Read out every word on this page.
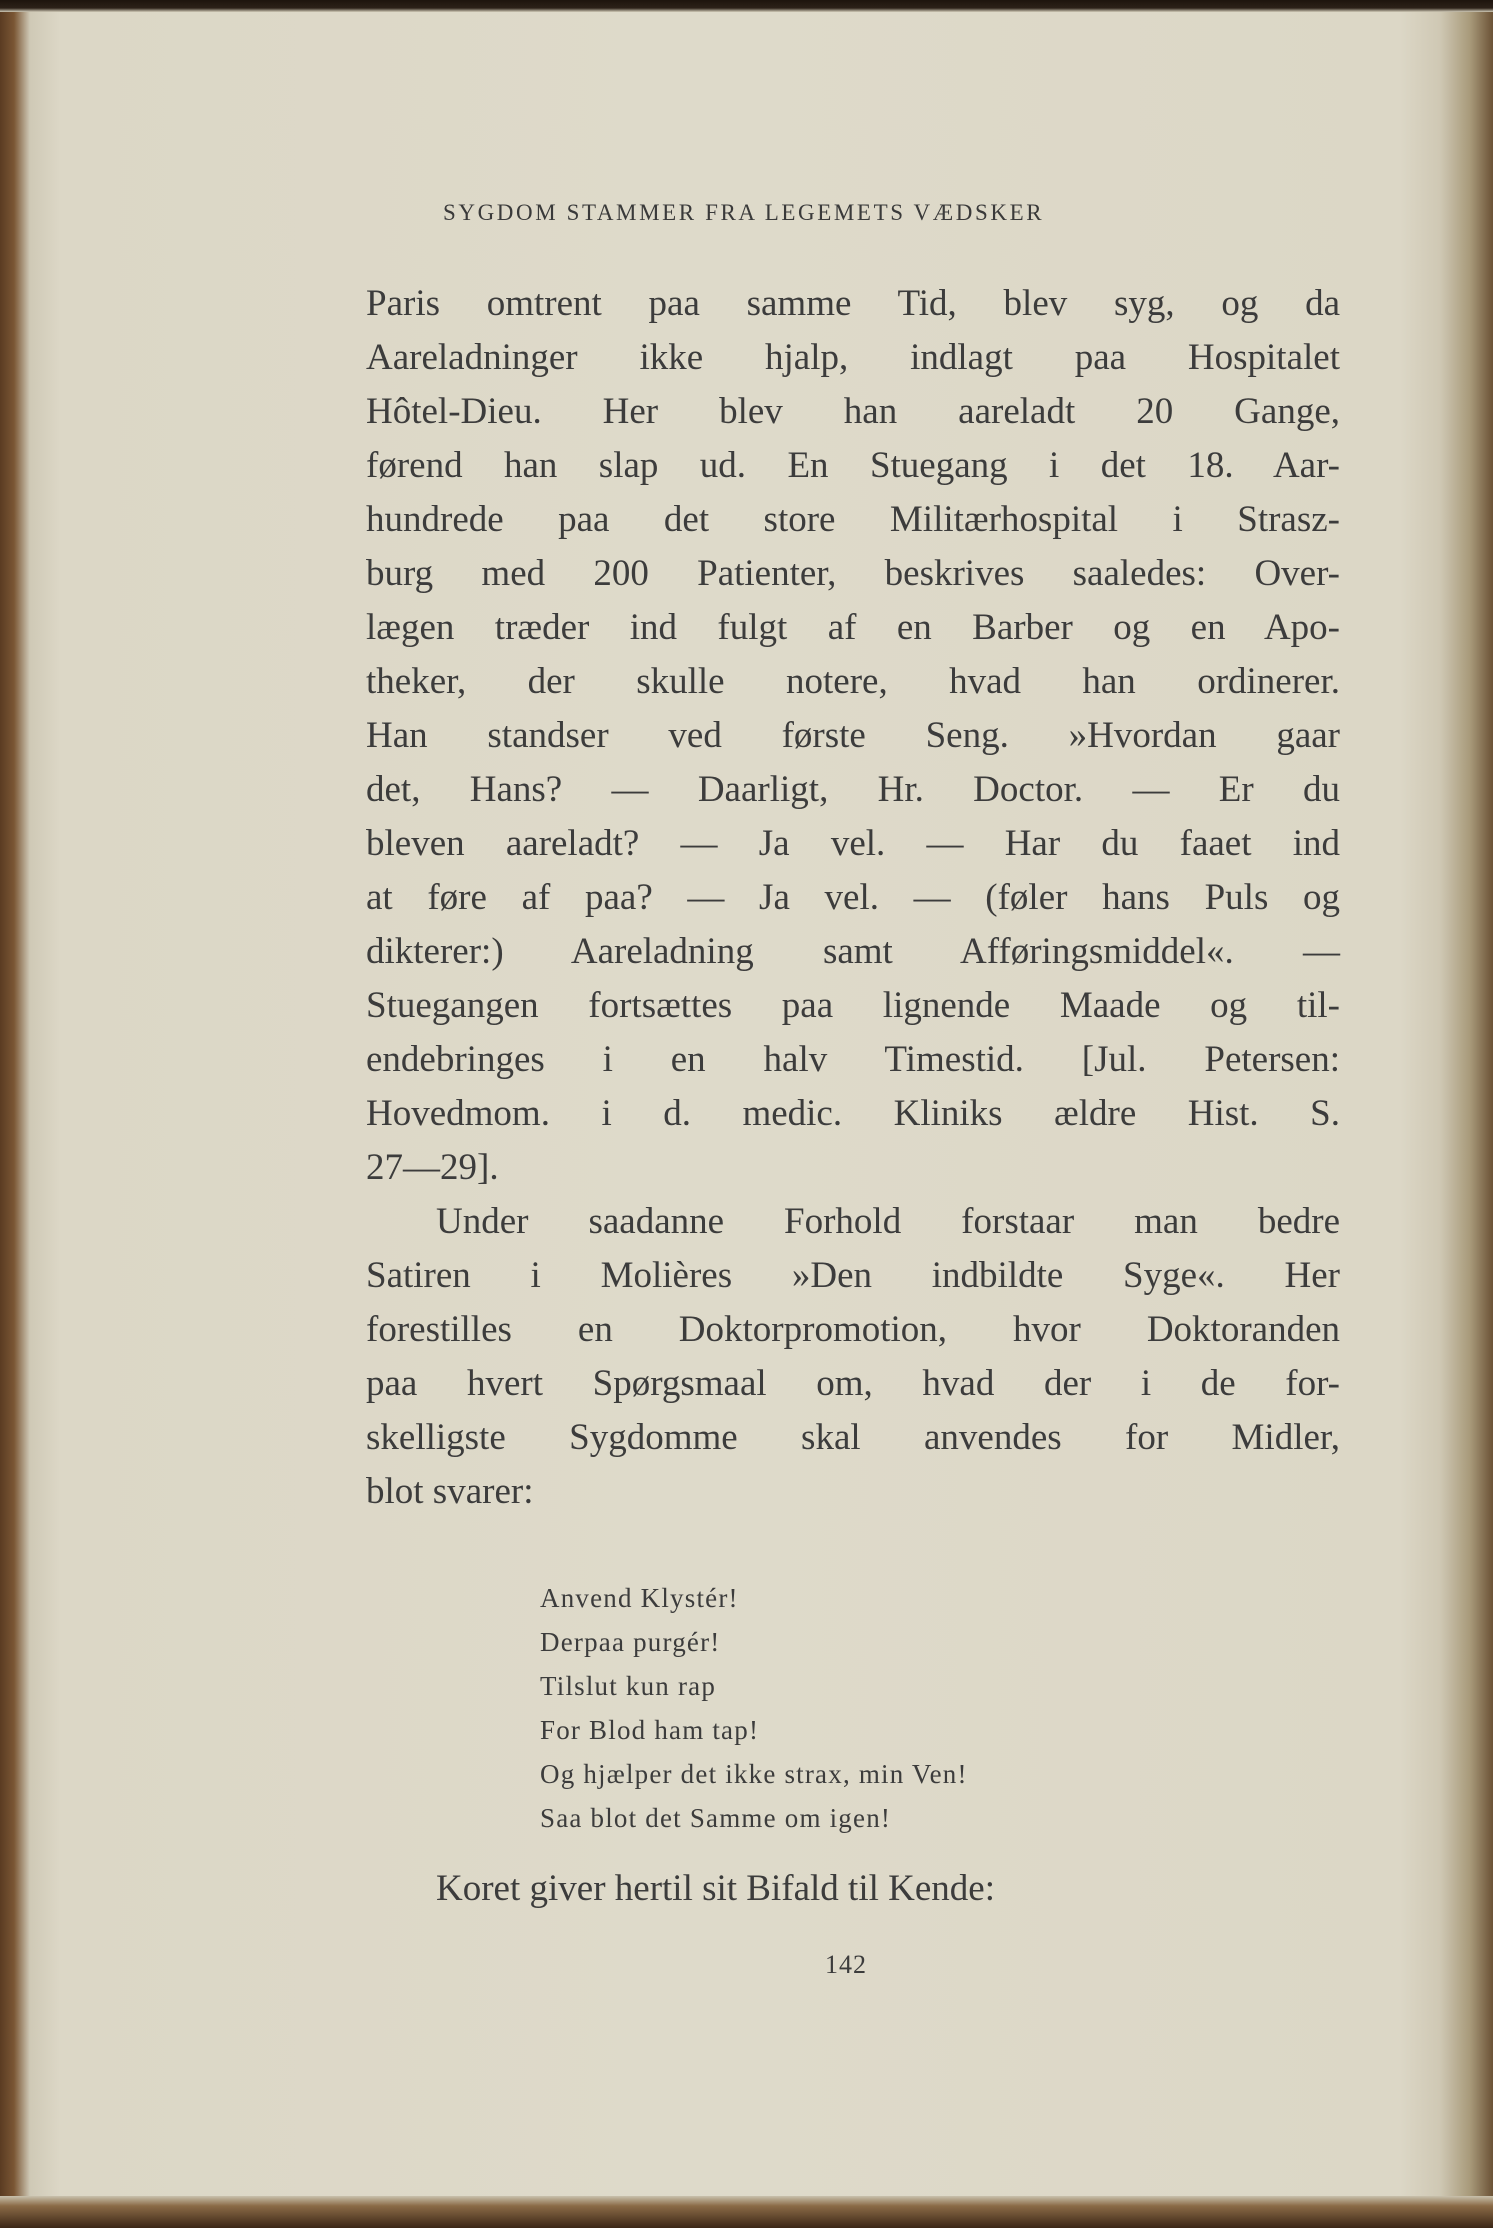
SYGDOM STAMMER FRA LEGEMETS VÆDSKER
Paris omtrent paa samme Tid, blev syg, og da
Aareladninger ikke hjalp, indlagt paa Hospitalet
Hôtel-Dieu. Her blev han aareladt 20 Gange,
førend han slap ud. En Stuegang i det 18. Aar-
hundrede paa det store Militærhospital i Strasz-
burg med 200 Patienter, beskrives saaledes: Over-
lægen træder ind fulgt af en Barber og en Apo-
theker, der skulle notere, hvad han ordinerer.
Han standser ved første Seng. »Hvordan gaar
det, Hans? — Daarligt, Hr. Doctor. — Er du
bleven aareladt? — Ja vel. — Har du faaet ind
at føre af paa? — Ja vel. — (føler hans Puls og
dikterer:) Aareladning samt Afføringsmiddel«. —
Stuegangen fortsættes paa lignende Maade og til-
endebringes i en halv Timestid. [Jul. Petersen:
Hovedmom. i d. medic. Kliniks ældre Hist. S.
27—29].
Under saadanne Forhold forstaar man bedre
Satiren i Molières »Den indbildte Syge«. Her
forestilles en Doktorpromotion, hvor Doktoranden
paa hvert Spørgsmaal om, hvad der i de for-
skelligste Sygdomme skal anvendes for Midler,
blot svarer:
Anvend Klystér!
Derpaa purgér!
Tilslut kun rap
For Blod ham tap!
Og hjælper det ikke strax, min Ven!
Saa blot det Samme om igen!
Koret giver hertil sit Bifald til Kende:
142
